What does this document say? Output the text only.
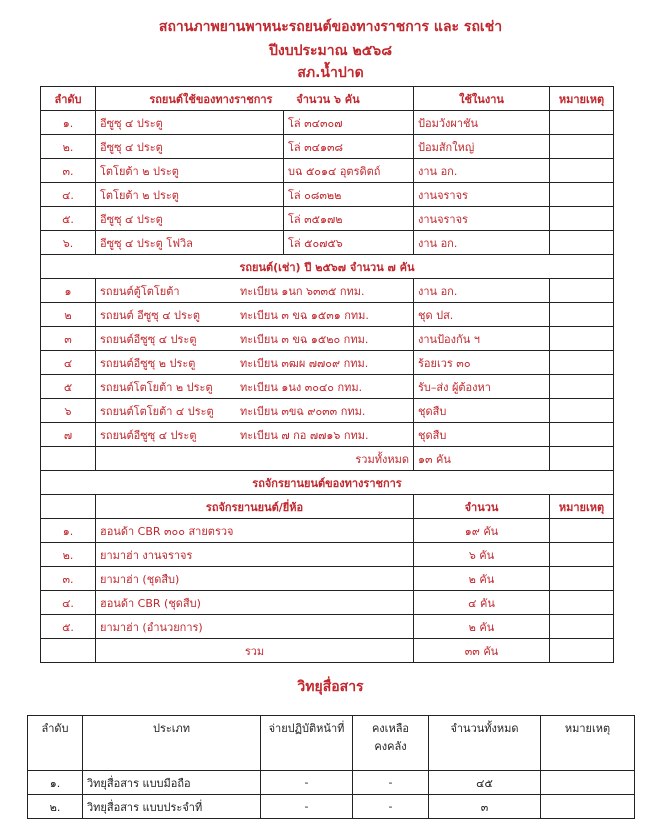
สถานภาพยานพาหนะรถยนต์ของทางราชการ และ รถเช่า
ปีงบประมาณ ๒๕๖๘
สภ.น้ำปาด
ลำดับ	รถยนต์ใช้ของทางราชการ จำนวน ๖ คัน		ใช้ในงาน	หมายเหตุ
๑.	อีซูซุ ๔ ประตู	โล่ ๓๔๓๐๗	ป้อมวังผาชัน	
๒.	อีซูซุ ๔ ประตู	โล่ ๓๔๑๓๘	ป้อมสักใหญ่	
๓.	โตโยต้า ๒ ประตู	บฉ ๕๐๑๔ อุตรดิตถ์	งาน อก.	
๔.	โตโยต้า ๒ ประตู	โล่ ๐๘๓๒๒	งานจราจร	
๕.	อีซูซุ ๔ ประตู	โล่ ๓๕๑๗๒	งานจราจร	
๖.	อีซูซุ ๔ ประตู โฟวิล	โล่ ๕๐๗๕๖	งาน อก.	
รถยนต์(เช่า) ปี ๒๕๖๗ จำนวน ๗ คัน				
๑	รถยนต์ตู้โตโยต้า ทะเบียน ๑นก ๖๓๓๕ กทม.		งาน อก.	
๒	รถยนต์ อีซูซุ ๔ ประตู ทะเบียน ๓ ขฉ ๑๕๓๑ กทม.		ชุด ปส.	
๓	รถยนต์อีซูซุ ๔ ประตู ทะเบียน ๓ ขฉ ๑๕๒๐ กทม.		งานป้องกัน ฯ	
๔	รถยนต์อีซูซุ ๒ ประตู ทะเบียน ๓ฒผ ๗๗๐๙ กทม.		ร้อยเวร ๓๐	
๕	รถยนต์โตโยต้า ๒ ประตู ทะเบียน ๑นง ๓๐๔๐ กทม.		รับ–ส่ง ผู้ต้องหา	
๖	รถยนต์โตโยต้า ๔ ประตู ทะเบียน ๓ขฉ ๙๐๓๓ กทม.		ชุดสืบ	
๗	รถยนต์อีซูซุ ๔ ประตู ทะเบียน ๗ กอ ๗๗๑๖ กทม.		ชุดสืบ	
	รวมทั้งหมด		๑๓ คัน	
รถจักรยานยนต์ของทางราชการ				
	รถจักรยานยนต์/ยี่ห้อ		จำนวน	หมายเหตุ
๑.	ฮอนด้า CBR ๓๐๐ สายตรวจ		๑๙ คัน	
๒.	ยามาฮ่า งานจราจร		๖ คัน	
๓.	ยามาฮ่า (ชุดสืบ)		๒ คัน	
๔.	ฮอนด้า CBR (ชุดสืบ)		๔ คัน	
๕.	ยามาฮ่า (อำนวยการ)		๒ คัน	
	รวม		๓๓ คัน	
วิทยุสื่อสาร
ลำดับ	ประเภท	จ่ายปฏิบัติหน้าที่	คงเหลือคงคลัง	จำนวนทั้งหมด	หมายเหตุ
๑.	วิทยุสื่อสาร แบบมือถือ	-	-	๔๕	
๒.	วิทยุสื่อสาร แบบประจำที่	-	-	๓	
